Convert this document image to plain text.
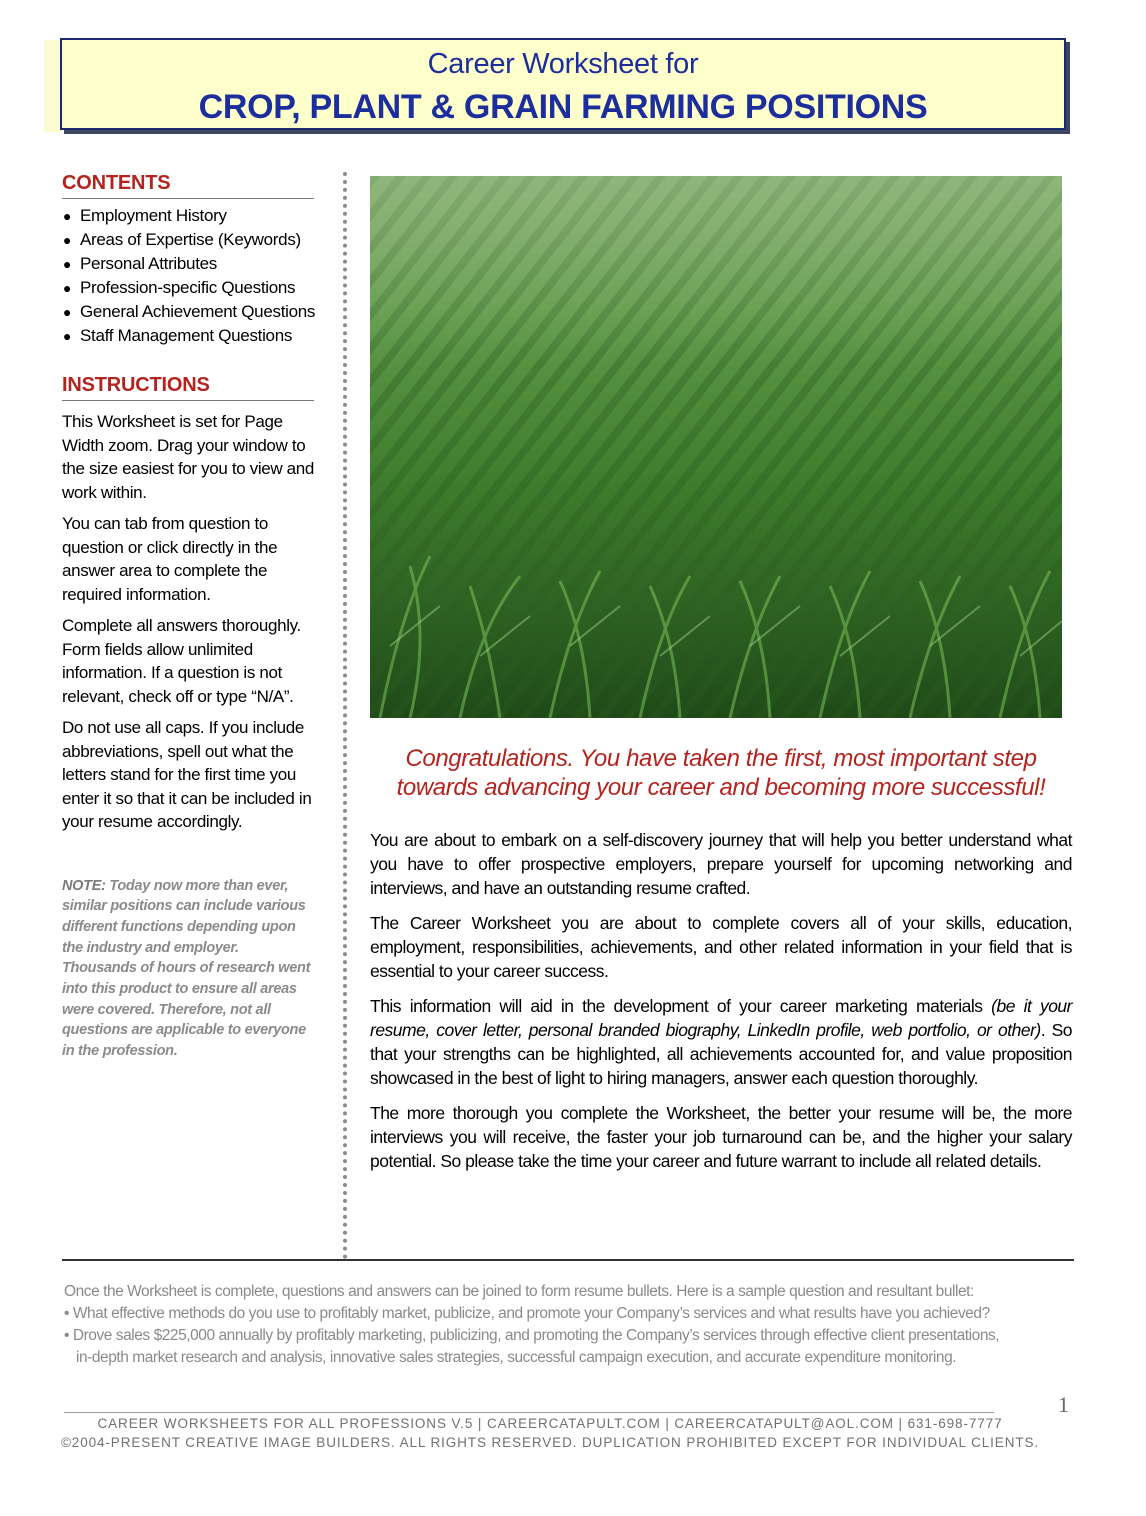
Career Worksheet for
CROP, PLANT & GRAIN FARMING POSITIONS
CONTENTS
● Employment History
● Areas of Expertise (Keywords)
● Personal Attributes
● Profession-specific Questions
● General Achievement Questions
● Staff Management Questions
INSTRUCTIONS

This Worksheet is set for Page Width zoom. Drag your window to the size easiest for you to view and work within.

You can tab from question to question or click directly in the answer area to complete the required information.

Complete all answers thoroughly. Form fields allow unlimited information. If a question is not relevant, check off or type “N/A”.

Do not use all caps. If you include abbreviations, spell out what the letters stand for the first time you enter it so that it can be included in your resume accordingly.

NOTE: Today now more than ever, similar positions can include various different functions depending upon the industry and employer. Thousands of hours of research went into this product to ensure all areas were covered. Therefore, not all questions are applicable to everyone in the profession.
Congratulations. You have taken the first, most important step
towards advancing your career and becoming more successful!

You are about to embark on a self-discovery journey that will help you better understand what you have to offer prospective employers, prepare yourself for upcoming networking and interviews, and have an outstanding resume crafted.

The Career Worksheet you are about to complete covers all of your skills, education, employment, responsibilities, achievements, and other related information in your field that is essential to your career success.

This information will aid in the development of your career marketing materials (be it your resume, cover letter, personal branded biography, LinkedIn profile, web portfolio, or other). So that your strengths can be highlighted, all achievements accounted for, and value proposition showcased in the best of light to hiring managers, answer each question thoroughly.

The more thorough you complete the Worksheet, the better your resume will be, the more interviews you will receive, the faster your job turnaround can be, and the higher your salary potential. So please take the time your career and future warrant to include all related details.

Once the Worksheet is complete, questions and answers can be joined to form resume bullets. Here is a sample question and resultant bullet:
• What effective methods do you use to profitably market, publicize, and promote your Company’s services and what results have you achieved?
• Drove sales $225,000 annually by profitably marketing, publicizing, and promoting the Company’s services through effective client presentations,
in-depth market research and analysis, innovative sales strategies, successful campaign execution, and accurate expenditure monitoring.
1
CAREER WORKSHEETS FOR ALL PROFESSIONS V.5 | CAREERCATAPULT.COM | CAREERCATAPULT@AOL.COM | 631-698-7777
©2004-PRESENT CREATIVE IMAGE BUILDERS. ALL RIGHTS RESERVED. DUPLICATION PROHIBITED EXCEPT FOR INDIVIDUAL CLIENTS.
